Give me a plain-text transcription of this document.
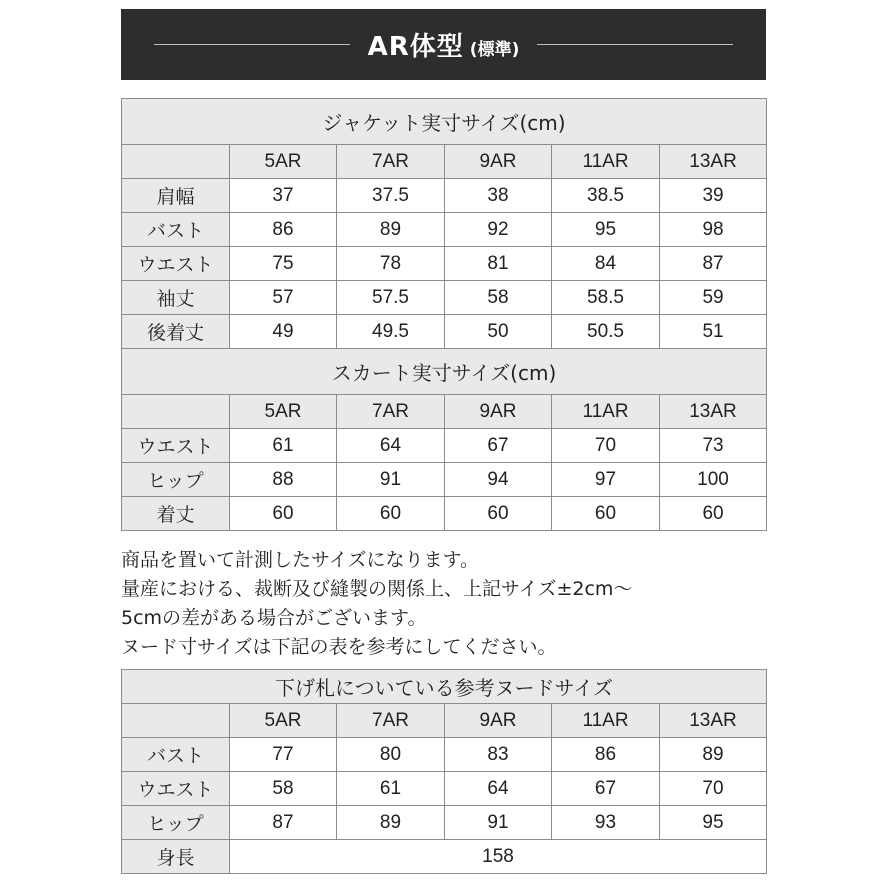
AR体型 (標準)
ジャケット実寸サイズ(cm)					
	5AR	7AR	9AR	11AR	13AR
肩幅	37	37.5	38	38.5	39
バスト	86	89	92	95	98
ウエスト	75	78	81	84	87
袖丈	57	57.5	58	58.5	59
後着丈	49	49.5	50	50.5	51
スカート実寸サイズ(cm)					
	5AR	7AR	9AR	11AR	13AR
ウエスト	61	64	67	70	73
ヒップ	88	91	94	97	100
着丈	60	60	60	60	60
商品を置いて計測したサイズになります。
量産における、裁断及び縫製の関係上、上記サイズ±2cm～
5cmの差がある場合がございます。
ヌード寸サイズは下記の表を参考にしてください。
下げ札についている参考ヌードサイズ					
	5AR	7AR	9AR	11AR	13AR
バスト	77	80	83	86	89
ウエスト	58	61	64	67	70
ヒップ	87	89	91	93	95
身長	158				
